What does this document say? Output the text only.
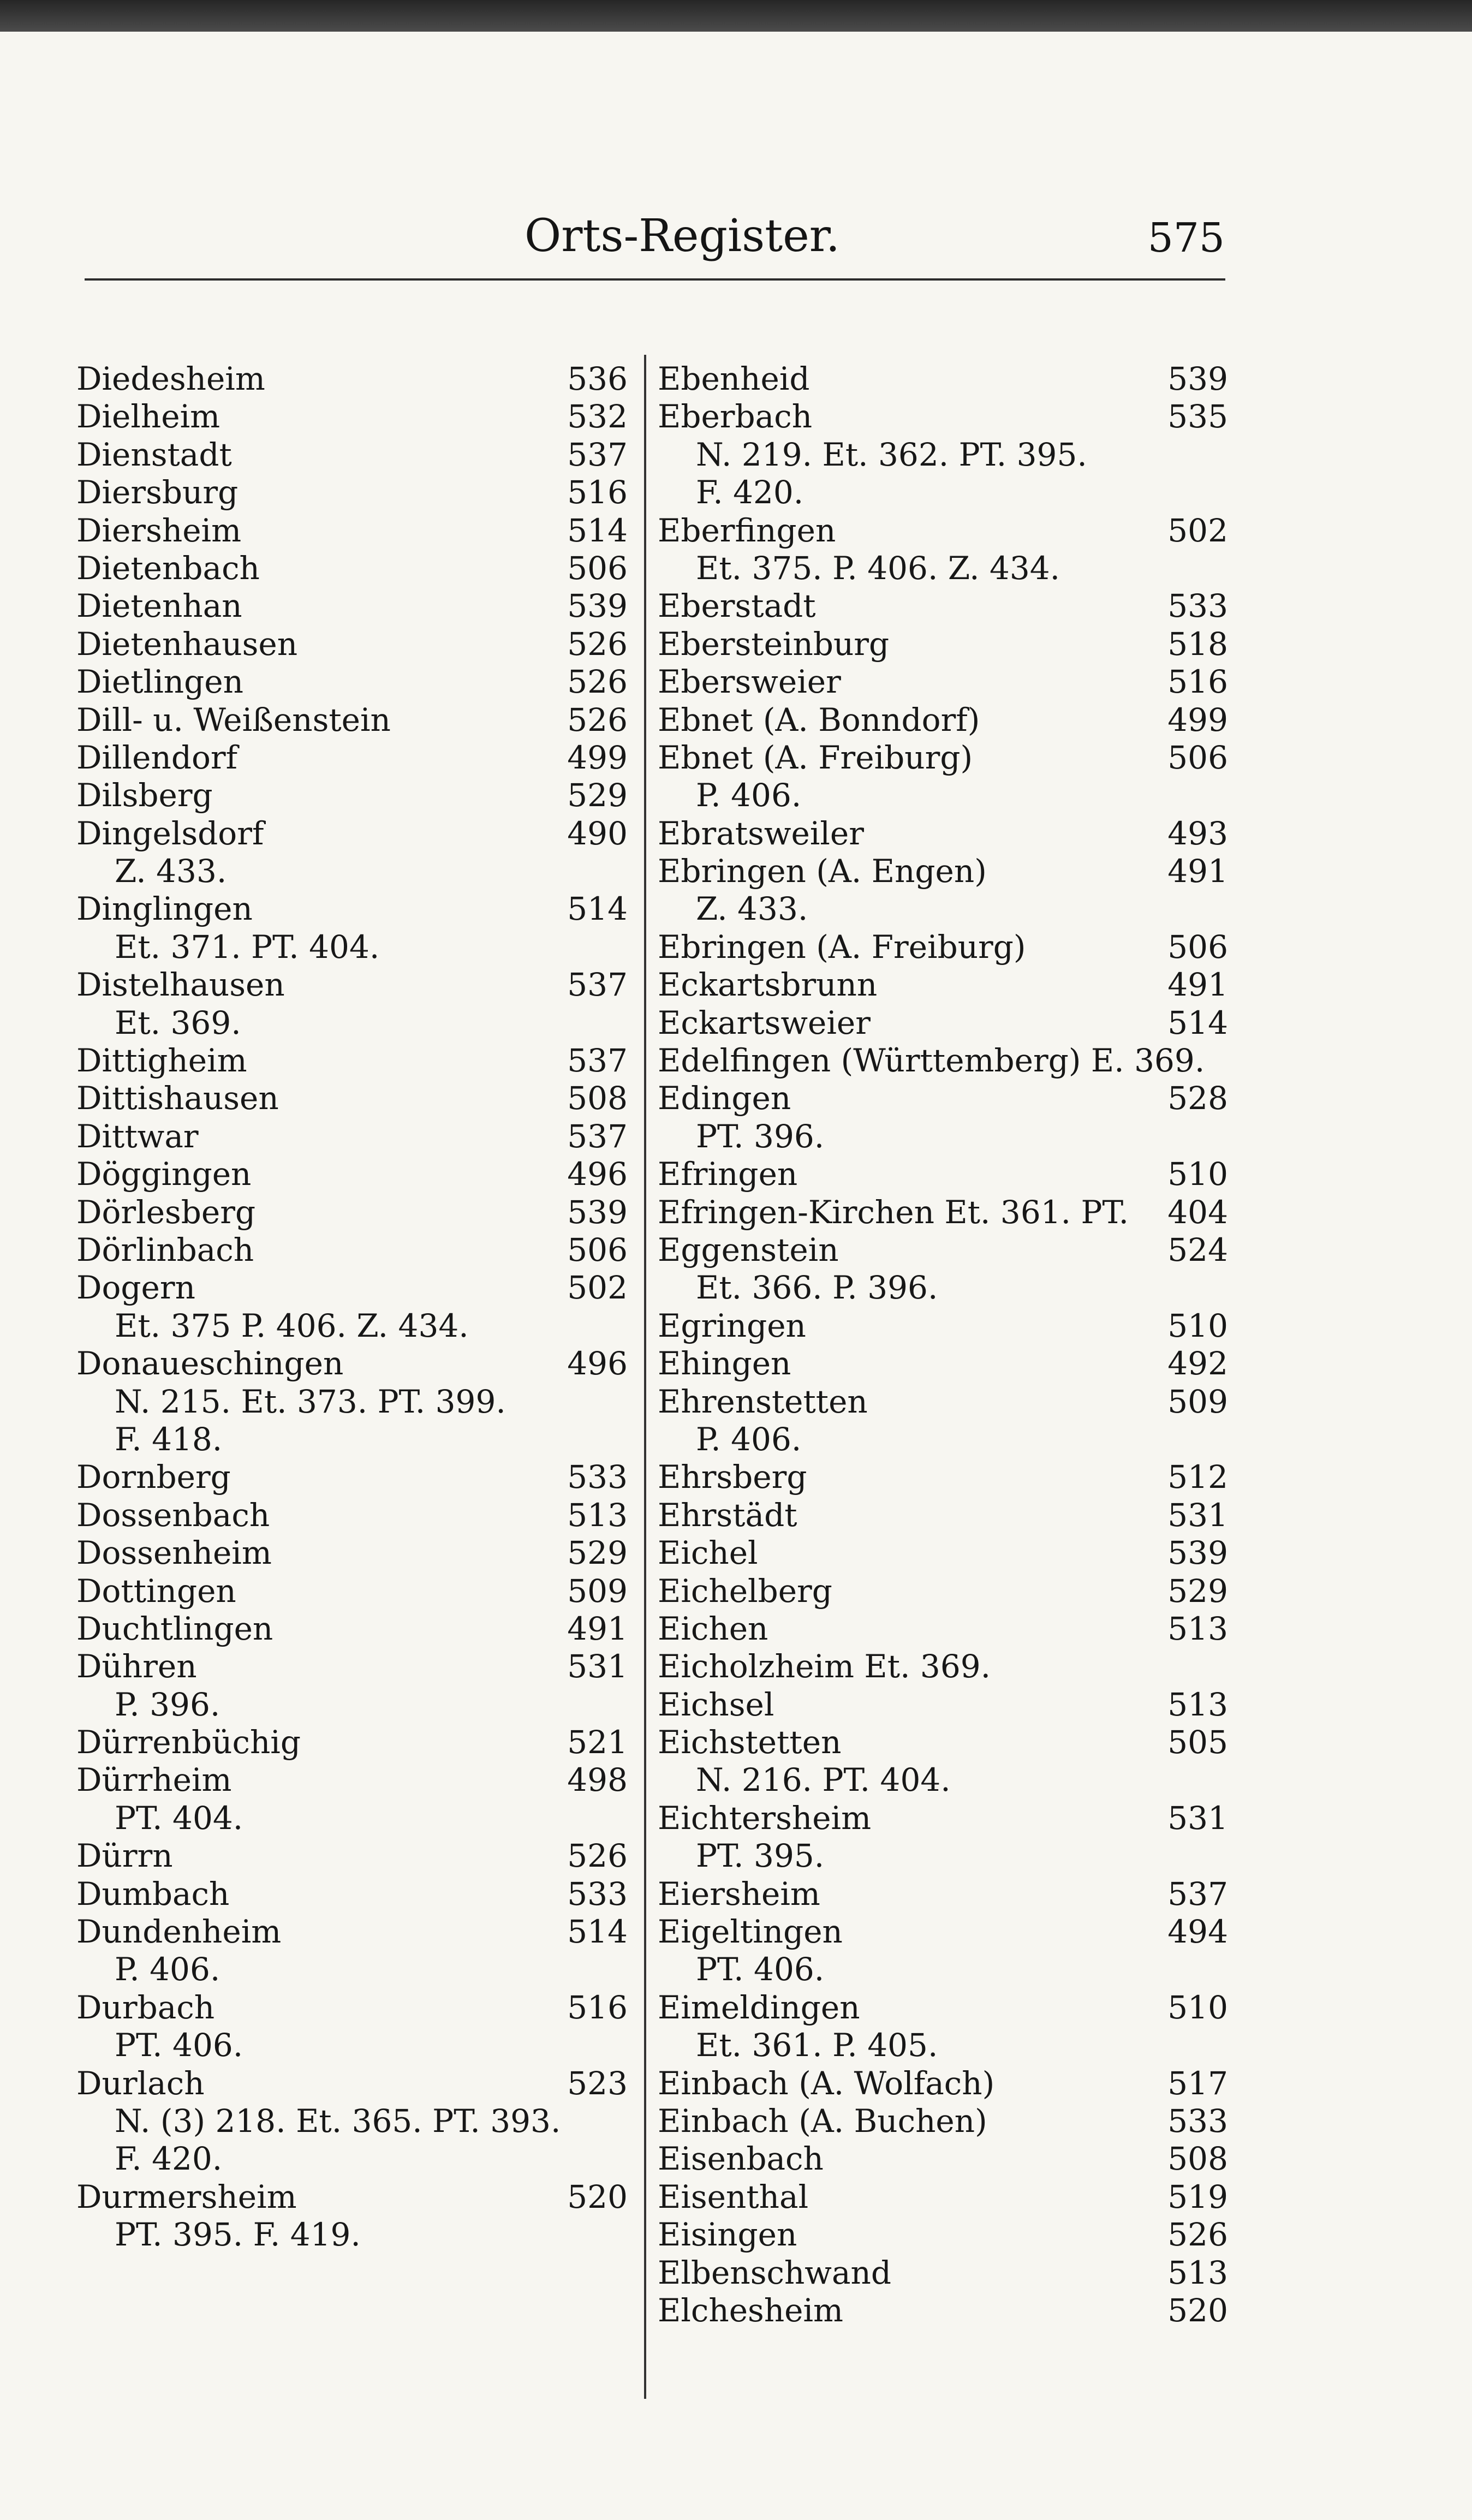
Orts-Register.	575
Diedesheim	536
Dielheim	532
Dienstadt	537
Diersburg	516
Diersheim	514
Dietenbach	506
Dietenhan	539
Dietenhausen	526
Dietlingen	526
Dill- u. Weißenstein	526
Dillendorf	499
Dilsberg	529
Dingelsdorf	490
Z. 433.
Dinglingen	514
Et. 371. PT. 404.
Distelhausen	537
Et. 369.
Dittigheim	537
Dittishausen	508
Dittwar	537
Döggingen	496
Dörlesberg	539
Dörlinbach	506
Dogern	502
Et. 375 P. 406. Z. 434.
Donaueschingen	496
N. 215. Et. 373. PT. 399.
F. 418.
Dornberg	533
Dossenbach	513
Dossenheim	529
Dottingen	509
Duchtlingen	491
Dühren	531
P. 396.
Dürrenbüchig	521
Dürrheim	498
PT. 404.
Dürrn	526
Dumbach	533
Dundenheim	514
P. 406.
Durbach	516
PT. 406.
Durlach	523
N. (3) 218. Et. 365. PT. 393.
F. 420.
Durmersheim	520
PT. 395. F. 419.
Ebenheid	539
Eberbach	535
N. 219. Et. 362. PT. 395.
F. 420.
Eberfingen	502
Et. 375. P. 406. Z. 434.
Eberstadt	533
Ebersteinburg	518
Ebersweier	516
Ebnet (A. Bonndorf)	499
Ebnet (A. Freiburg)	506
P. 406.
Ebratsweiler	493
Ebringen (A. Engen)	491
Z. 433.
Ebringen (A. Freiburg)	506
Eckartsbrunn	491
Eckartsweier	514
Edelfingen (Württemberg) E. 369.
Edingen	528
PT. 396.
Efringen	510
Efringen-Kirchen Et. 361. PT. 404
Eggenstein	524
Et. 366. P. 396.
Egringen	510
Ehingen	492
Ehrenstetten	509
P. 406.
Ehrsberg	512
Ehrstädt	531
Eichel	539
Eichelberg	529
Eichen	513
Eicholzheim Et. 369.
Eichsel	513
Eichstetten	505
N. 216. PT. 404.
Eichtersheim	531
PT. 395.
Eiersheim	537
Eigeltingen	494
PT. 406.
Eimeldingen	510
Et. 361. P. 405.
Einbach (A. Wolfach)	517
Einbach (A. Buchen)	533
Eisenbach	508
Eisenthal	519
Eisingen	526
Elbenschwand	513
Elchesheim	520
